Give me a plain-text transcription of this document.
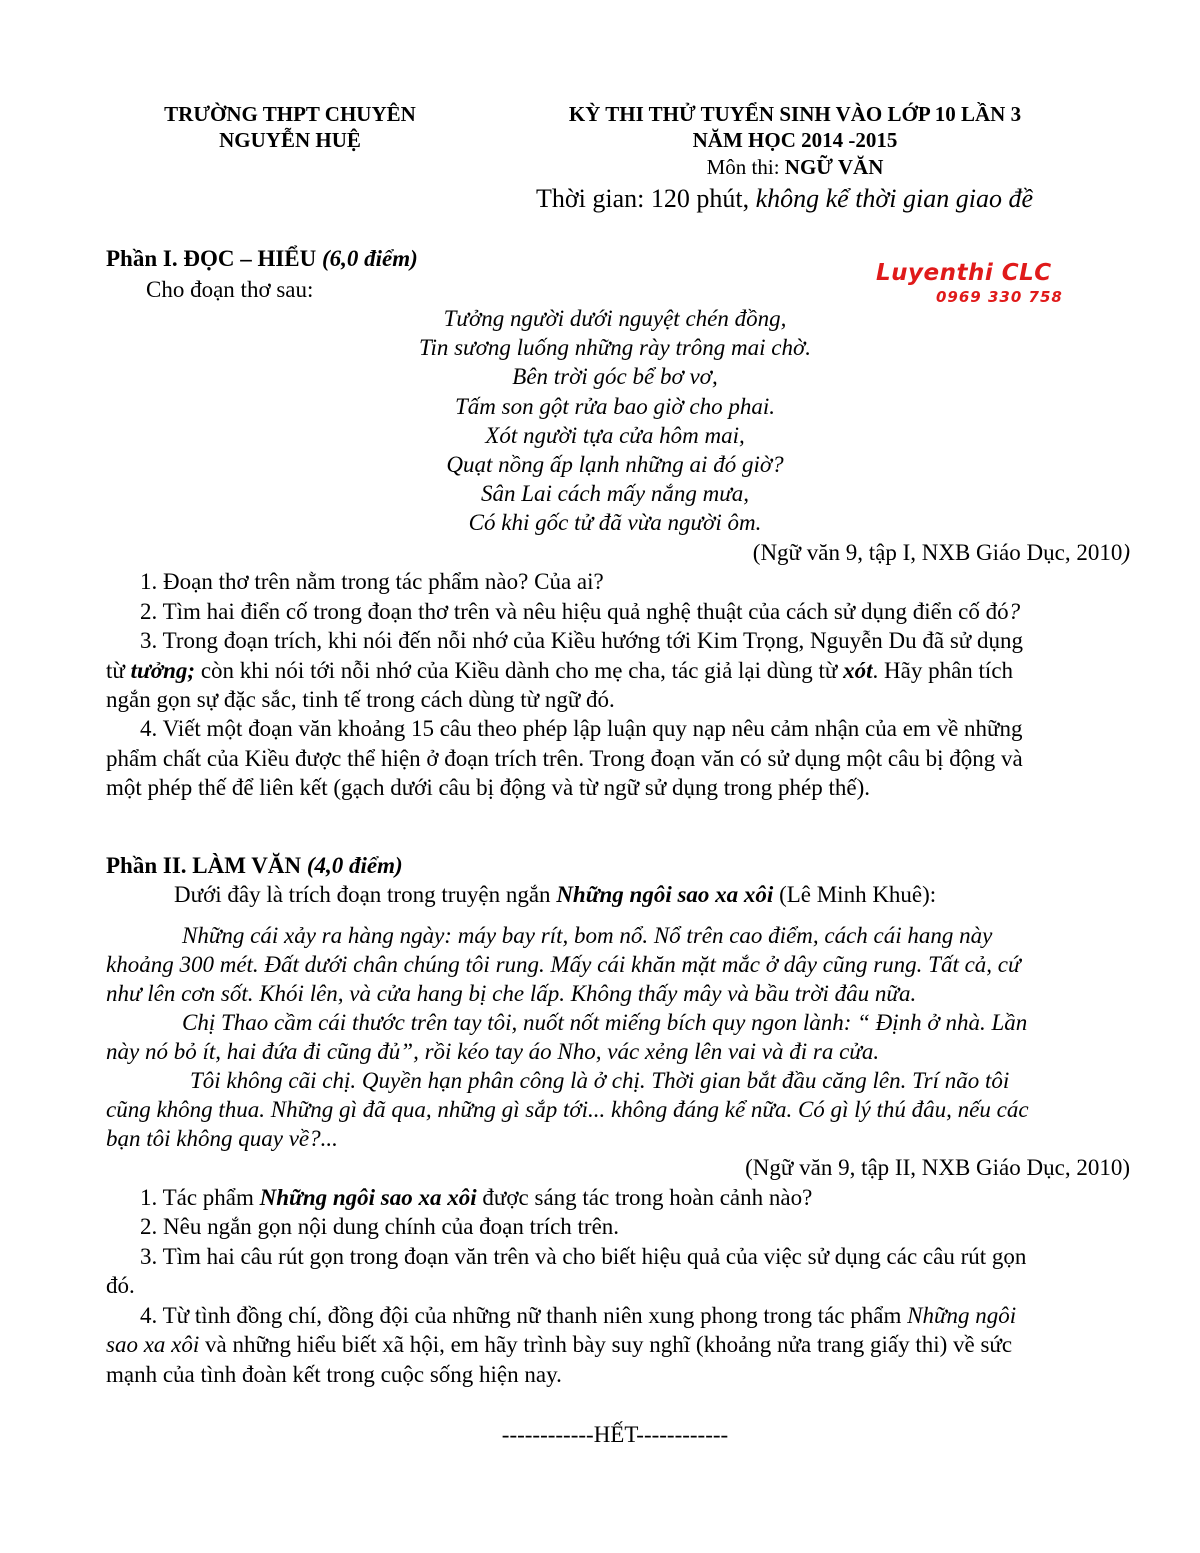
TRƯỜNG THPT CHUYÊN
NGUYỄN HUỆ
KỲ THI THỬ TUYỂN SINH VÀO LỚP 10 LẦN 3
NĂM HỌC 2014 -2015
Môn thi: NGỮ VĂN
Thời gian: 120 phút, không kể thời gian giao đề
Luyenthi CLC
0969 330 758
Phần I. ĐỌC – HIỂU (6,0 điểm)
Cho đoạn thơ sau:
Tưởng người dưới nguyệt chén đồng,
Tin sương luống những rày trông mai chờ.
Bên trời góc bể bơ vơ,
Tấm son gột rửa bao giờ cho phai.
Xót người tựa cửa hôm mai,
Quạt nồng ấp lạnh những ai đó giờ?
Sân Lai cách mấy nắng mưa,
Có khi gốc tử đã vừa người ôm.
(Ngữ văn 9, tập I, NXB Giáo Dục, 2010)
1. Đoạn thơ trên nằm trong tác phẩm nào? Của ai?
2. Tìm hai điển cố trong đoạn thơ trên và nêu hiệu quả nghệ thuật của cách sử dụng điển cố đó?
3. Trong đoạn trích, khi nói đến nỗi nhớ của Kiều hướng tới Kim Trọng, Nguyễn Du đã sử dụng
từ tưởng; còn khi nói tới nỗi nhớ của Kiều dành cho mẹ cha, tác giả lại dùng từ xót. Hãy phân tích
ngắn gọn sự đặc sắc, tinh tế trong cách dùng từ ngữ đó.
4. Viết một đoạn văn khoảng 15 câu theo phép lập luận quy nạp nêu cảm nhận của em về những
phẩm chất của Kiều được thể hiện ở đoạn trích trên. Trong đoạn văn có sử dụng một câu bị động và
một phép thế để liên kết (gạch dưới câu bị động và từ ngữ sử dụng trong phép thế).
Phần II. LÀM VĂN (4,0 điểm)
Dưới đây là trích đoạn trong truyện ngắn Những ngôi sao xa xôi (Lê Minh Khuê):
Những cái xảy ra hàng ngày: máy bay rít, bom nổ. Nổ trên cao điểm, cách cái hang này
khoảng 300 mét. Đất dưới chân chúng tôi rung. Mấy cái khăn mặt mắc ở dây cũng rung. Tất cả, cứ
như lên cơn sốt. Khói lên, và cửa hang bị che lấp. Không thấy mây và bầu trời đâu nữa.
Chị Thao cầm cái thước trên tay tôi, nuốt nốt miếng bích quy ngon lành: “ Định ở nhà. Lần
này nó bỏ ít, hai đứa đi cũng đủ”, rồi kéo tay áo Nho, vác xẻng lên vai và đi ra cửa.
Tôi không cãi chị. Quyền hạn phân công là ở chị. Thời gian bắt đầu căng lên. Trí não tôi
cũng không thua. Những gì đã qua, những gì sắp tới... không đáng kể nữa. Có gì lý thú đâu, nếu các
bạn tôi không quay về?...
(Ngữ văn 9, tập II, NXB Giáo Dục, 2010)
1. Tác phẩm Những ngôi sao xa xôi được sáng tác trong hoàn cảnh nào?
2. Nêu ngắn gọn nội dung chính của đoạn trích trên.
3. Tìm hai câu rút gọn trong đoạn văn trên và cho biết hiệu quả của việc sử dụng các câu rút gọn
đó.
4. Từ tình đồng chí, đồng đội của những nữ thanh niên xung phong trong tác phẩm Những ngôi
sao xa xôi và những hiểu biết xã hội, em hãy trình bày suy nghĩ (khoảng nửa trang giấy thi) về sức
mạnh của tình đoàn kết trong cuộc sống hiện nay.
------------HẾT------------
